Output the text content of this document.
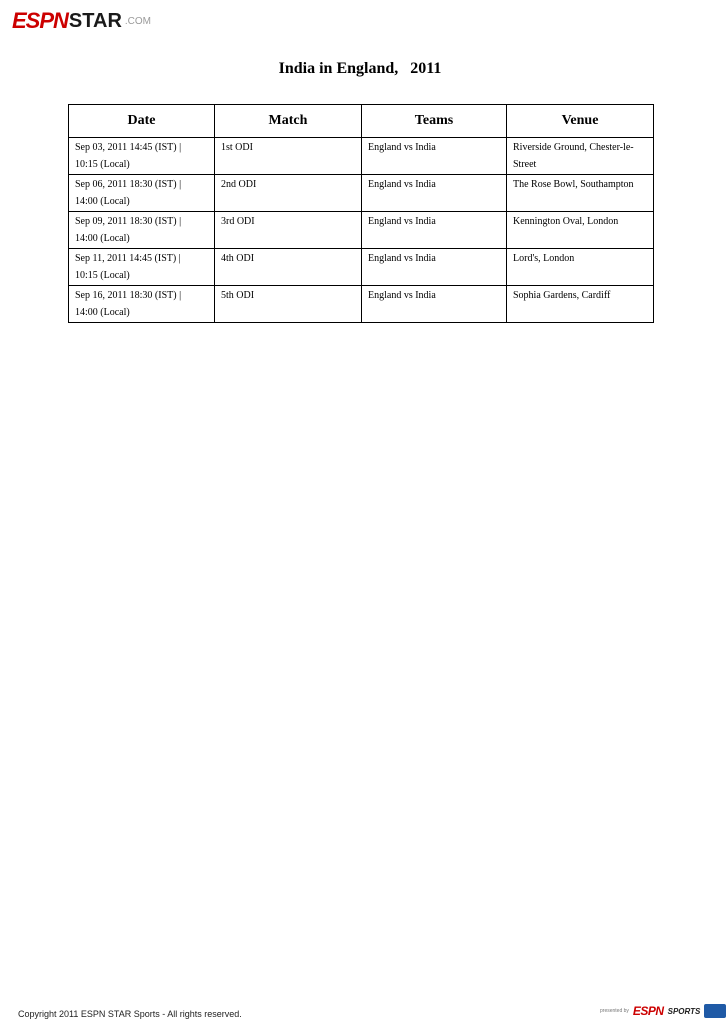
ESPN STAR .COM
India in England,   2011
Date	Match	Teams	Venue
Sep 03, 2011 14:45 (IST) |
10:15 (Local)	1st ODI	England vs India	Riverside Ground, Chester-le-Street
Sep 06, 2011 18:30 (IST) |
14:00 (Local)	2nd ODI	England vs India	The Rose Bowl, Southampton
Sep 09, 2011 18:30 (IST) |
14:00 (Local)	3rd ODI	England vs India	Kennington Oval, London
Sep 11, 2011 14:45 (IST) |
10:15 (Local)	4th ODI	England vs India	Lord's, London
Sep 16, 2011 18:30 (IST) |
14:00 (Local)	5th ODI	England vs India	Sophia Gardens, Cardiff
Copyright 2011 ESPN STAR Sports - All rights reserved.	presented by ESPN SPORTS
